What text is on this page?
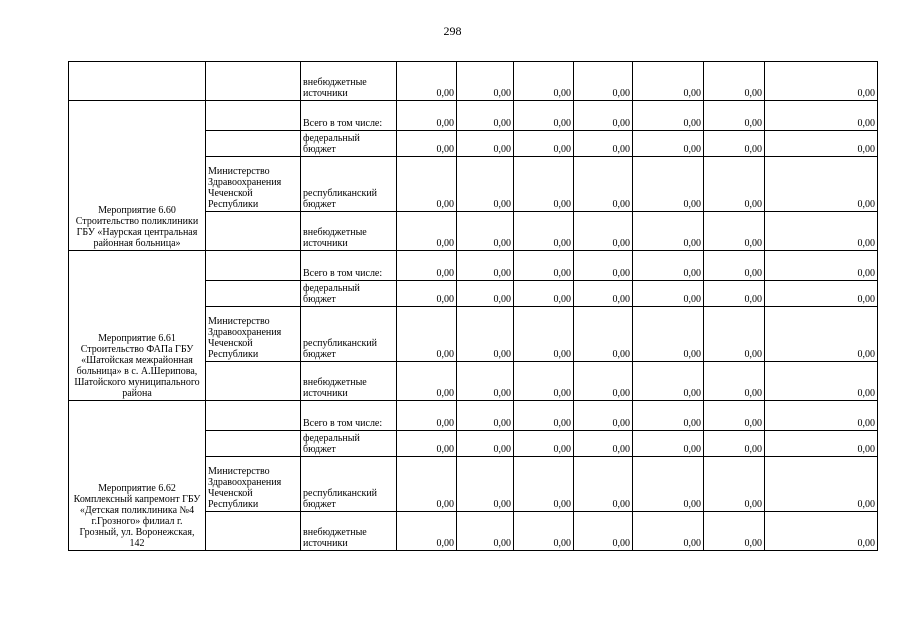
298
		внебюджетные источники	0,00	0,00	0,00	0,00	0,00	0,00	0,00
Мероприятие 6.60 Строительство поликлиники ГБУ «Наурская центральная районная больница»		Всего в том числе:	0,00	0,00	0,00	0,00	0,00	0,00	0,00
		федеральный бюджет	0,00	0,00	0,00	0,00	0,00	0,00	0,00
	Министерство Здравоохранения Чеченской Республики	республиканский бюджет	0,00	0,00	0,00	0,00	0,00	0,00	0,00
		внебюджетные источники	0,00	0,00	0,00	0,00	0,00	0,00	0,00
Мероприятие 6.61 Строительство ФАПа ГБУ «Шатойская межрайонная больница» в с. А.Шерипова, Шатойского муниципального района		Всего в том числе:	0,00	0,00	0,00	0,00	0,00	0,00	0,00
		федеральный бюджет	0,00	0,00	0,00	0,00	0,00	0,00	0,00
	Министерство Здравоохранения Чеченской Республики	республиканский бюджет	0,00	0,00	0,00	0,00	0,00	0,00	0,00
		внебюджетные источники	0,00	0,00	0,00	0,00	0,00	0,00	0,00
Мероприятие 6.62 Комплексный капремонт ГБУ «Детская поликлиника №4 г.Грозного» филиал г. Грозный, ул. Воронежская, 142		Всего в том числе:	0,00	0,00	0,00	0,00	0,00	0,00	0,00
		федеральный бюджет	0,00	0,00	0,00	0,00	0,00	0,00	0,00
	Министерство Здравоохранения Чеченской Республики	республиканский бюджет	0,00	0,00	0,00	0,00	0,00	0,00	0,00
		внебюджетные источники	0,00	0,00	0,00	0,00	0,00	0,00	0,00
